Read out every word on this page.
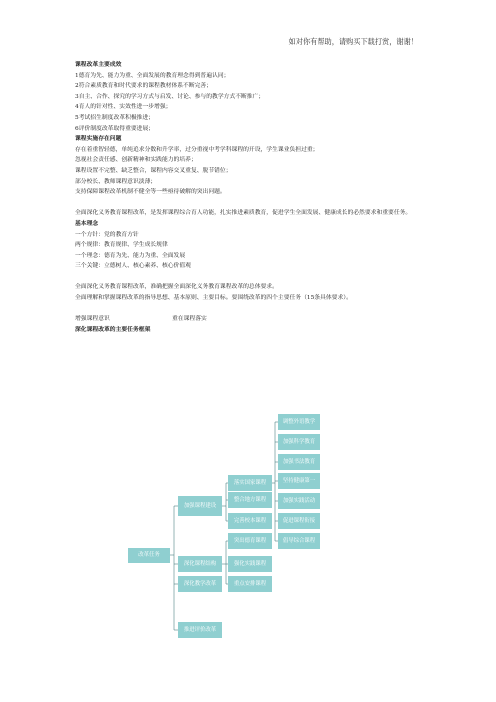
如对你有帮助，请购买下载打赏，谢谢！
课程改革主要成效
1德育为先、能力为重、全面发展的教育理念得到普遍认同；
2符合素质教育和时代要求的课程教材体系不断完善；
3自主、合作、探究的学习方式与启发、讨论、参与的教学方式不断推广；
4育人的针对性、实效性进一步增强；
5考试招生制度改革积极推进；
6评价制度改革取得重要进展；
课程实施存在问题
存在着重智轻德，单纯追求分数和升学率，过分重视中考学科课程的开设，学生课业负担过重；
忽视社会责任感、创新精神和实践能力的培养；
课程设置不完整、缺乏整合，课程内容交叉重复、脱节错位；
部分校长、教师课程意识淡薄；
支持保障课程改革机制不健全等一些亟待破解的突出问题。
全面深化义务教育课程改革，是发挥课程综合育人功能，扎实推进素质教育，促进学生全面发展、健康成长的必然要求和重要任务。
基本理念
一个方针：党的教育方针
两个规律：教育规律、学生成长规律
一个理念：德育为先、能力为重、全面发展
三个关键：立德树人、核心素养、核心价值观
全面深化义务教育课程改革，准确把握全面深化义务教育课程改革的总体要求。
全面理解和掌握课程改革的指导思想、基本原则、主要目标。要围绕改革的四个主要任务（15条具体要求）。
增强课程意识	重在课程落实
深化课程改革的主要任务框架
改革任务
加强课程建设
深化课程结构
深化教学改革
推进评价改革
落实国家课程
整合地方课程
完善校本课程
突出德育课程
强化实践课程
重点安排课程
调整外语教学
加强科学教育
加强书法教育
坚持健康第一
加强实践活动
促进课程衔接
倡导综合课程
